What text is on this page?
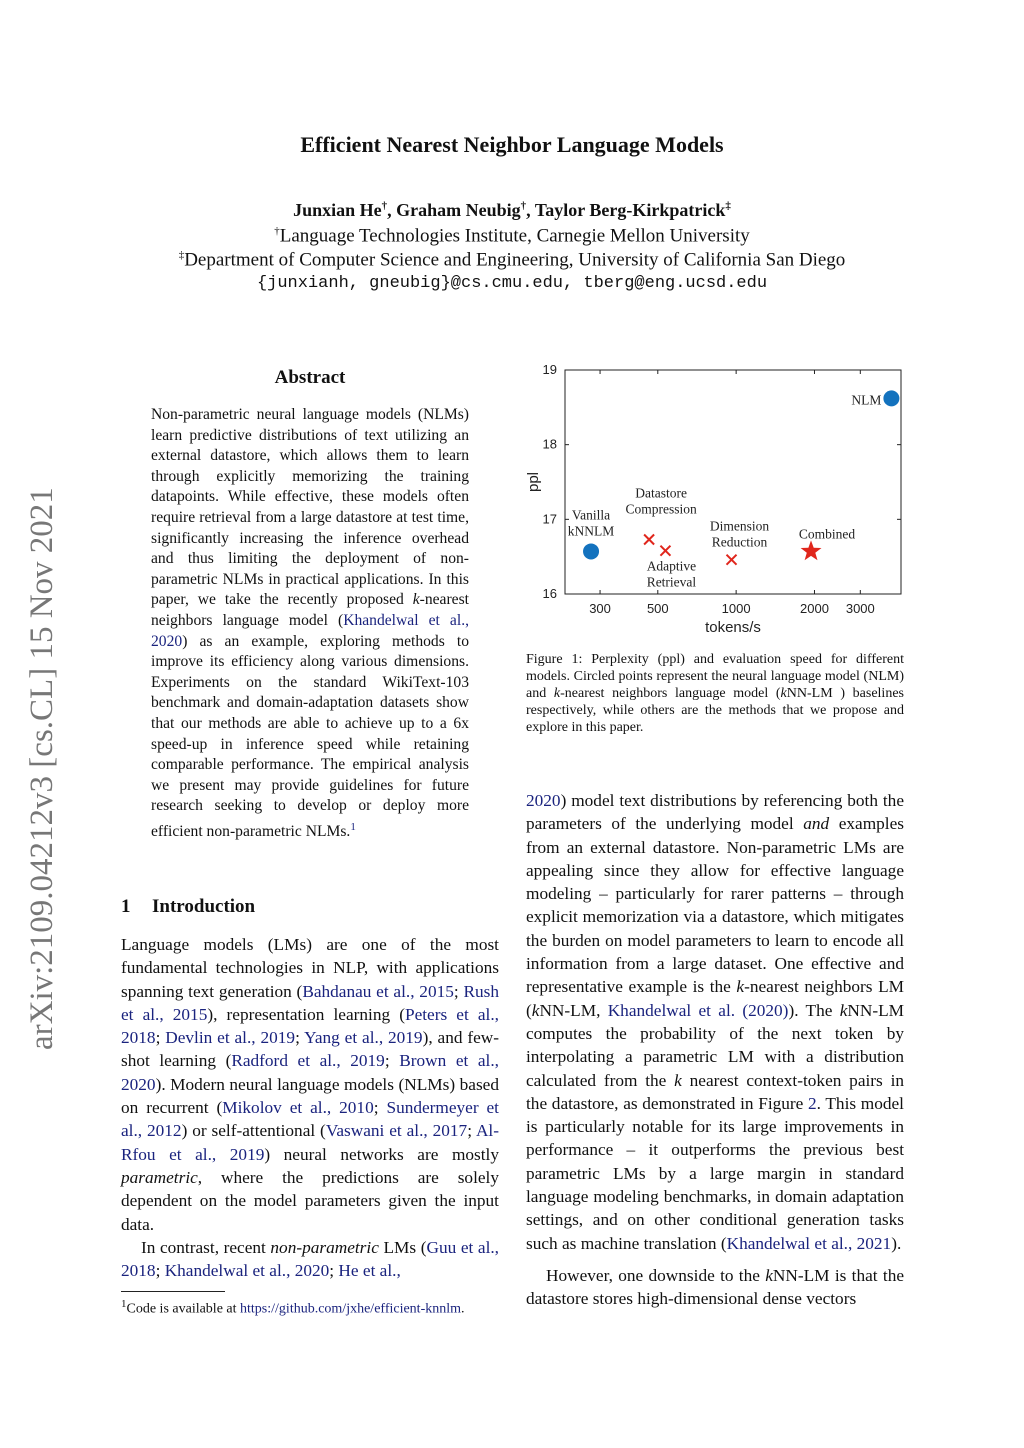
arXiv:2109.04212v3 [cs.CL] 15 Nov 2021
Efficient Nearest Neighbor Language Models
Junxian He†, Graham Neubig†, Taylor Berg-Kirkpatrick‡
†Language Technologies Institute, Carnegie Mellon University
‡Department of Computer Science and Engineering, University of California San Diego
{junxianh, gneubig}@cs.cmu.edu, tberg@eng.ucsd.edu
Abstract
Non-parametric neural language models (NLMs) learn predictive distributions of text utilizing an external datastore, which allows them to learn through explicitly memorizing the training datapoints. While effective, these models often require retrieval from a large datastore at test time, significantly increasing the inference overhead and thus limiting the deployment of non-parametric NLMs in practical applications. In this paper, we take the recently proposed k-nearest neighbors language model (Khandelwal et al., 2020) as an example, exploring methods to improve its efficiency along various dimensions. Experiments on the standard WikiText-103 benchmark and domain-adaptation datasets show that our methods are able to achieve up to a 6x speed-up in inference speed while retaining comparable performance. The empirical analysis we present may provide guidelines for future research seeking to develop or deploy more efficient non-parametric NLMs.$^1$
1 Introduction

Language models (LMs) are one of the most fundamental technologies in NLP, with applications spanning text generation (Bahdanau et al., 2015; Rush et al., 2015), representation learning (Peters et al., 2018; Devlin et al., 2019; Yang et al., 2019), and few-shot learning (Radford et al., 2019; Brown et al., 2020). Modern neural language models (NLMs) based on recurrent (Mikolov et al., 2010; Sundermeyer et al., 2012) or self-attentional (Vaswani et al., 2017; Al-Rfou et al., 2019) neural networks are mostly parametric, where the predictions are solely dependent on the model parameters given the input data.

In contrast, recent non-parametric LMs (Guu et al., 2018; Khandelwal et al., 2020; He et al.,

$^1$Code is available at https://github.com/jxhe/efficient-knnlm.
300	500	1000	2000 3000
16
17
18
19
tokens/s
ppl
NLM
Vanilla
kNNLM
Datastore
Compression
Adaptive
Retrieval
Dimension
Reduction
Combined
Figure 1: Perplexity (ppl) and evaluation speed for different models. Circled points represent the neural language model (NLM) and k-nearest neighbors language model (kNN-LM ) baselines respectively, while others are the methods that we propose and explore in this paper.

2020) model text distributions by referencing both the parameters of the underlying model and examples from an external datastore. Non-parametric LMs are appealing since they allow for effective language modeling – particularly for rarer patterns – through explicit memorization via a datastore, which mitigates the burden on model parameters to learn to encode all information from a large dataset. One effective and representative example is the k-nearest neighbors LM (kNN-LM, Khandelwal et al. (2020)). The kNN-LM computes the probability of the next token by interpolating a parametric LM with a distribution calculated from the k nearest context-token pairs in the datastore, as demonstrated in Figure 2. This model is particularly notable for its large improvements in performance – it outperforms the previous best parametric LMs by a large margin in standard language modeling benchmarks, in domain adaptation settings, and on other conditional generation tasks such as machine translation (Khandelwal et al., 2021).

However, one downside to the kNN-LM is that the datastore stores high-dimensional dense vectors
